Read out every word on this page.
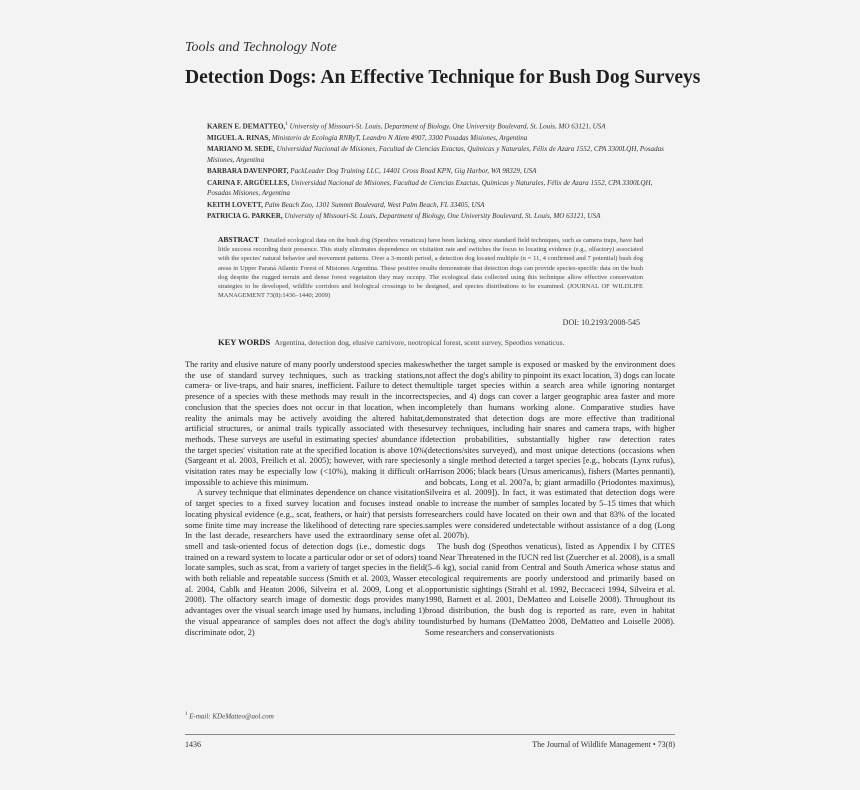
Tools and Technology Note
Detection Dogs: An Effective Technique for Bush Dog Surveys
KAREN E. DEMATTEO,$^1$ University of Missouri-St. Louis, Department of Biology, One University Boulevard, St. Louis, MO 63121, USA
MIGUEL A. RINAS, Ministerio de Ecología RNRyT, Leandro N Alem 4907, 3300 Posadas Misiones, Argentina
MARIANO M. SEDE, Universidad Nacional de Misiones, Facultad de Ciencias Exactas, Químicas y Naturales, Félix de Azara 1552, CPA 3300LQH, Posadas Misiones, Argentina
BARBARA DAVENPORT, PackLeader Dog Training LLC, 14401 Cross Road KPN, Gig Harbor, WA 98329, USA
CARINA F. ARGÜELLES, Universidad Nacional de Misiones, Facultad de Ciencias Exactas, Químicas y Naturales, Félix de Azara 1552, CPA 3300LQH, Posadas Misiones, Argentina
KEITH LOVETT, Palm Beach Zoo, 1301 Summit Boulevard, West Palm Beach, FL 33405, USA
PATRICIA G. PARKER, University of Missouri-St. Louis, Department of Biology, One University Boulevard, St. Louis, MO 63121, USA
ABSTRACT Detailed ecological data on the bush dog (Speothos venaticus) have been lacking, since standard field techniques, such as camera traps, have had little success recording their presence. This study eliminates dependence on visitation rate and switches the focus to locating evidence (e.g., olfactory) associated with the species' natural behavior and movement patterns. Over a 3-month period, a detection dog located multiple (n = 11, 4 confirmed and 7 potential) bush dog areas in Upper Paraná Atlantic Forest of Misiones Argentina. These positive results demonstrate that detection dogs can provide species-specific data on the bush dog despite the rugged terrain and dense forest vegetation they may occupy. The ecological data collected using this technique allow effective conservation strategies to be developed, wildlife corridors and biological crossings to be designed, and species distributions to be examined. (JOURNAL OF WILDLIFE MANAGEMENT 73(8):1436–1440; 2009)
DOI: 10.2193/2008-545
KEY WORDS Argentina, detection dog, elusive carnivore, neotropical forest, scent survey, Speothos venaticus.

The rarity and elusive nature of many poorly understood species makes the use of standard survey techniques, such as tracking stations, camera- or live-traps, and hair snares, inefficient. Failure to detect the presence of a species with these methods may result in the incorrect conclusion that the species does not occur in that location, when in reality the animals may be actively avoiding the altered habitat, artificial structures, or animal trails typically associated with these methods. These surveys are useful in estimating species' abundance if the target species' visitation rate at the specified location is above 10% (Sargeant et al. 2003, Freilich et al. 2005); however, with rare species visitation rates may be especially low (<10%), making it difficult or impossible to achieve this minimum.

A survey technique that eliminates dependence on chance visitation of target species to a fixed survey location and focuses instead on locating physical evidence (e.g., scat, feathers, or hair) that persists for some finite time may increase the likelihood of detecting rare species. In the last decade, researchers have used the extraordinary sense of smell and task-oriented focus of detection dogs (i.e., domestic dogs trained on a reward system to locate a particular odor or set of odors) to locate samples, such as scat, from a variety of target species in the field with both reliable and repeatable success (Smith et al. 2003, Wasser et al. 2004, Cablk and Heaton 2006, Silveira et al. 2009, Long et al. 2008). The olfactory search image of domestic dogs provides many advantages over the visual search image used by humans, including 1) the visual appearance of samples does not affect the dog's ability to discriminate odor, 2)

whether the target sample is exposed or masked by the environment does not affect the dog's ability to pinpoint its exact location, 3) dogs can locate multiple target species within a search area while ignoring nontarget species, and 4) dogs can cover a larger geographic area faster and more completely than humans working alone. Comparative studies have demonstrated that detection dogs are more effective than traditional survey techniques, including hair snares and camera traps, with higher detection probabilities, substantially higher raw detection rates (detections/sites surveyed), and most unique detections (occasions when only a single method detected a target species [e.g., bobcats (Lynx rufus), Harrison 2006; black bears (Ursus americanus), fishers (Martes pennanti), and bobcats, Long et al. 2007a, b; giant armadillo (Priodontes maximus), Silveira et al. 2009]). In fact, it was estimated that detection dogs were able to increase the number of samples located by 5–15 times that which researchers could have located on their own and that 83% of the located samples were considered undetectable without assistance of a dog (Long et al. 2007b).

The bush dog (Speothos venaticus), listed as Appendix I by CITES and Near Threatened in the IUCN red list (Zuercher et al. 2008), is a small (5–6 kg), social canid from Central and South America whose status and ecological requirements are poorly understood and primarily based on opportunistic sightings (Strahl et al. 1992, Beccaceci 1994, Silveira et al. 1998, Barnett et al. 2001, DeMatteo and Loiselle 2008). Throughout its broad distribution, the bush dog is reported as rare, even in habitat undisturbed by humans (DeMatteo 2008, DeMatteo and Loiselle 2008). Some researchers and conservationists

$^1$ E-mail: KDeMatteo@aol.com
1436	The Journal of Wildlife Management • 73(8)
